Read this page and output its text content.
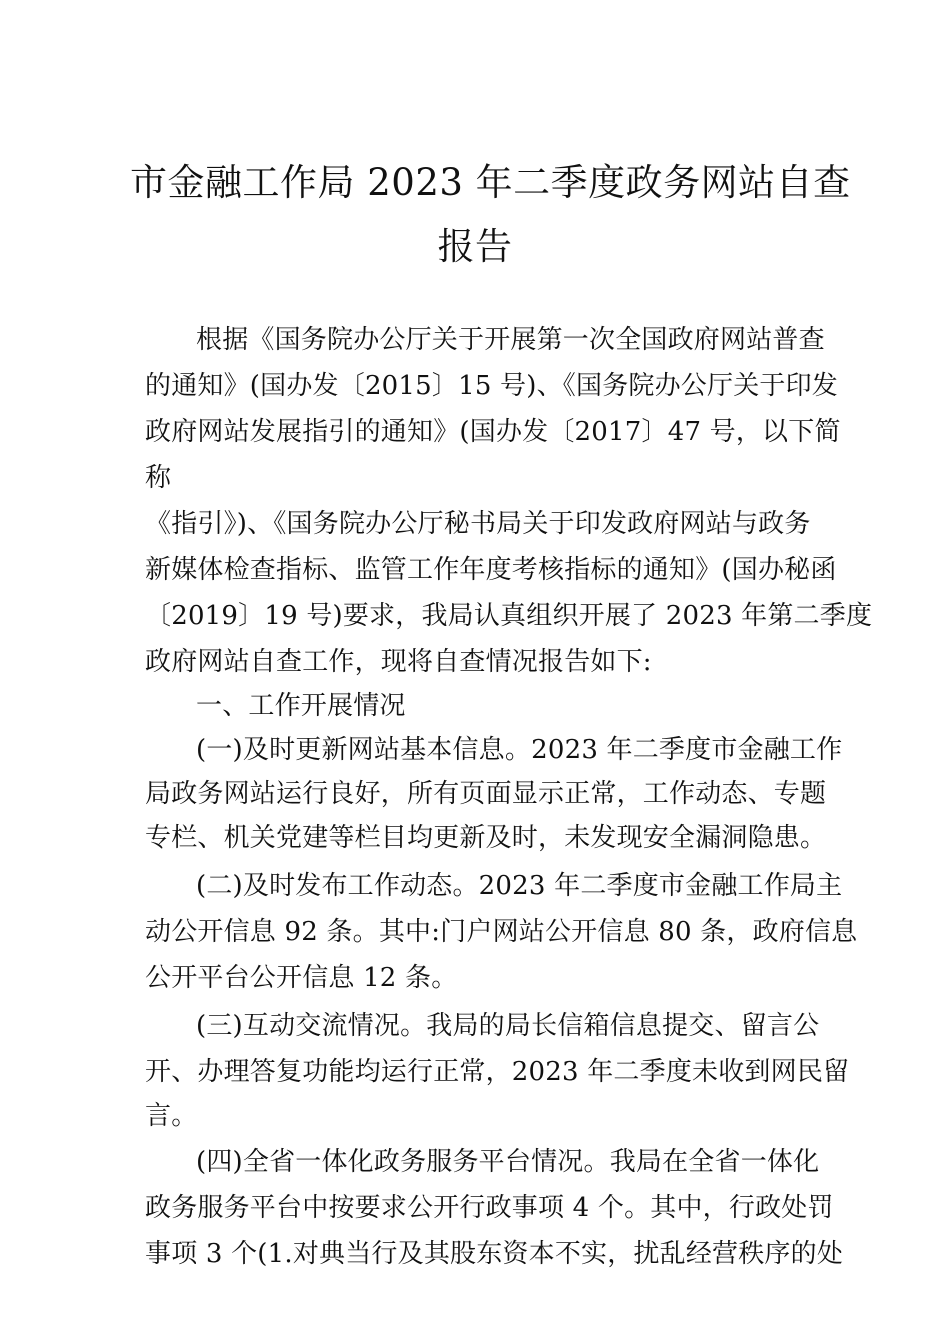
市金融工作局 2023 年二季度政务网站自查
报告
根据《国务院办公厅关于开展第一次全国政府网站普查
的通知》(国办发〔2015〕15 号)、《国务院办公厅关于印发
政府网站发展指引的通知》(国办发〔2017〕47 号，以下简
称
《指引》)、《国务院办公厅秘书局关于印发政府网站与政务
新媒体检查指标、监管工作年度考核指标的通知》(国办秘函
〔2019〕19 号)要求，我局认真组织开展了 2023 年第二季度
政府网站自查工作，现将自查情况报告如下:
一、工作开展情况
(一)及时更新网站基本信息。2023 年二季度市金融工作
局政务网站运行良好，所有页面显示正常，工作动态、专题
专栏、机关党建等栏目均更新及时，未发现安全漏洞隐患。
(二)及时发布工作动态。2023 年二季度市金融工作局主
动公开信息 92 条。其中:门户网站公开信息 80 条，政府信息
公开平台公开信息 12 条。
(三)互动交流情况。我局的局长信箱信息提交、留言公
开、办理答复功能均运行正常，2023 年二季度未收到网民留
言。
(四)全省一体化政务服务平台情况。我局在全省一体化
政务服务平台中按要求公开行政事项 4 个。其中，行政处罚
事项 3 个(1.对典当行及其股东资本不实，扰乱经营秩序的处
